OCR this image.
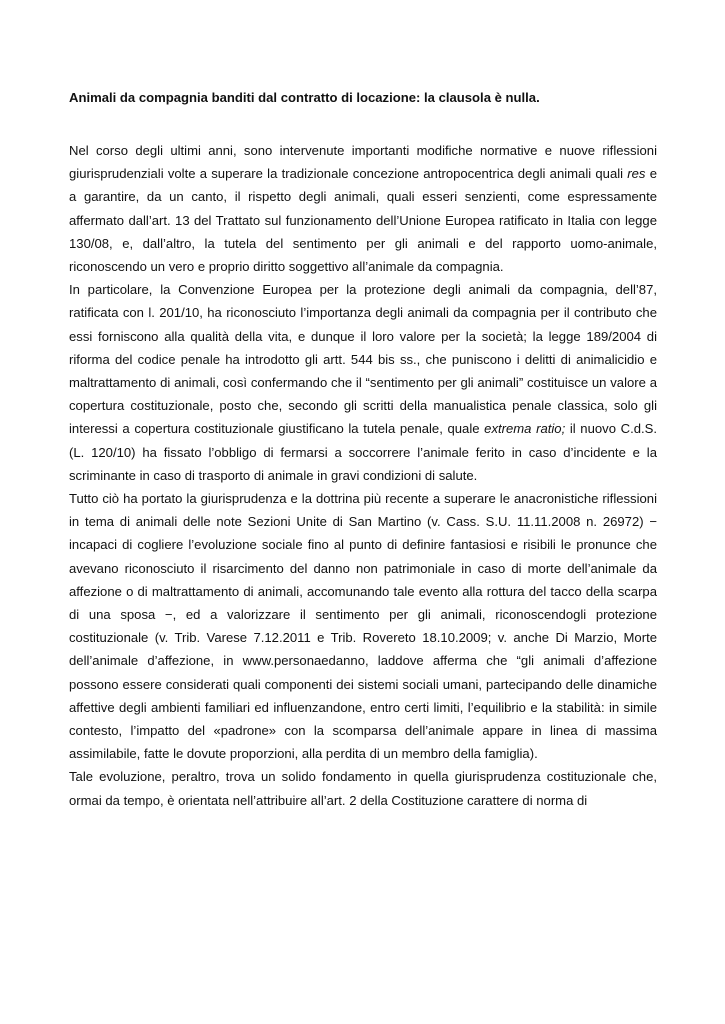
Animali da compagnia banditi dal contratto di locazione: la clausola è nulla.

Nel corso degli ultimi anni, sono intervenute importanti modifiche normative e nuove riflessioni giurisprudenziali volte a superare la tradizionale concezione antropocentrica degli animali quali res e a garantire, da un canto, il rispetto degli animali, quali esseri senzienti, come espressamente affermato dall’art. 13 del Trattato sul funzionamento dell’Unione Europea ratificato in Italia con legge 130/08, e, dall’altro, la tutela del sentimento per gli animali e del rapporto uomo-animale, riconoscendo un vero e proprio diritto soggettivo all’animale da compagnia.

In particolare, la Convenzione Europea per la protezione degli animali da compagnia, dell’87, ratificata con l. 201/10, ha riconosciuto l’importanza degli animali da compagnia per il contributo che essi forniscono alla qualità della vita, e dunque il loro valore per la società; la legge 189/2004 di riforma del codice penale ha introdotto gli artt. 544 bis ss., che puniscono i delitti di animalicidio e maltrattamento di animali, così confermando che il “sentimento per gli animali” costituisce un valore a copertura costituzionale, posto che, secondo gli scritti della manualistica penale classica, solo gli interessi a copertura costituzionale giustificano la tutela penale, quale extrema ratio; il nuovo C.d.S. (L. 120/10) ha fissato l’obbligo di fermarsi a soccorrere l’animale ferito in caso d’incidente e la scriminante in caso di trasporto di animale in gravi condizioni di salute.

Tutto ciò ha portato la giurisprudenza e la dottrina più recente a superare le anacronistiche riflessioni in tema di animali delle note Sezioni Unite di San Martino (v. Cass. S.U. 11.11.2008 n. 26972) − incapaci di cogliere l’evoluzione sociale fino al punto di definire fantasiosi e risibili le pronunce che avevano riconosciuto il risarcimento del danno non patrimoniale in caso di morte dell’animale da affezione o di maltrattamento di animali, accomunando tale evento alla rottura del tacco della scarpa di una sposa −, ed a valorizzare il sentimento per gli animali, riconoscendogli protezione costituzionale (v. Trib. Varese 7.12.2011 e Trib. Rovereto 18.10.2009; v. anche Di Marzio, Morte dell’animale d’affezione, in www.personaedanno, laddove afferma che “gli animali d’affezione possono essere considerati quali componenti dei sistemi sociali umani, partecipando delle dinamiche affettive degli ambienti familiari ed influenzandone, entro certi limiti, l’equilibrio e la stabilità: in simile contesto, l’impatto del «padrone» con la scomparsa dell’animale appare in linea di massima assimilabile, fatte le dovute proporzioni, alla perdita di un membro della famiglia).

Tale evoluzione, peraltro, trova un solido fondamento in quella giurisprudenza costituzionale che, ormai da tempo, è orientata nell’attribuire all’art. 2 della Costituzione carattere di norma di
